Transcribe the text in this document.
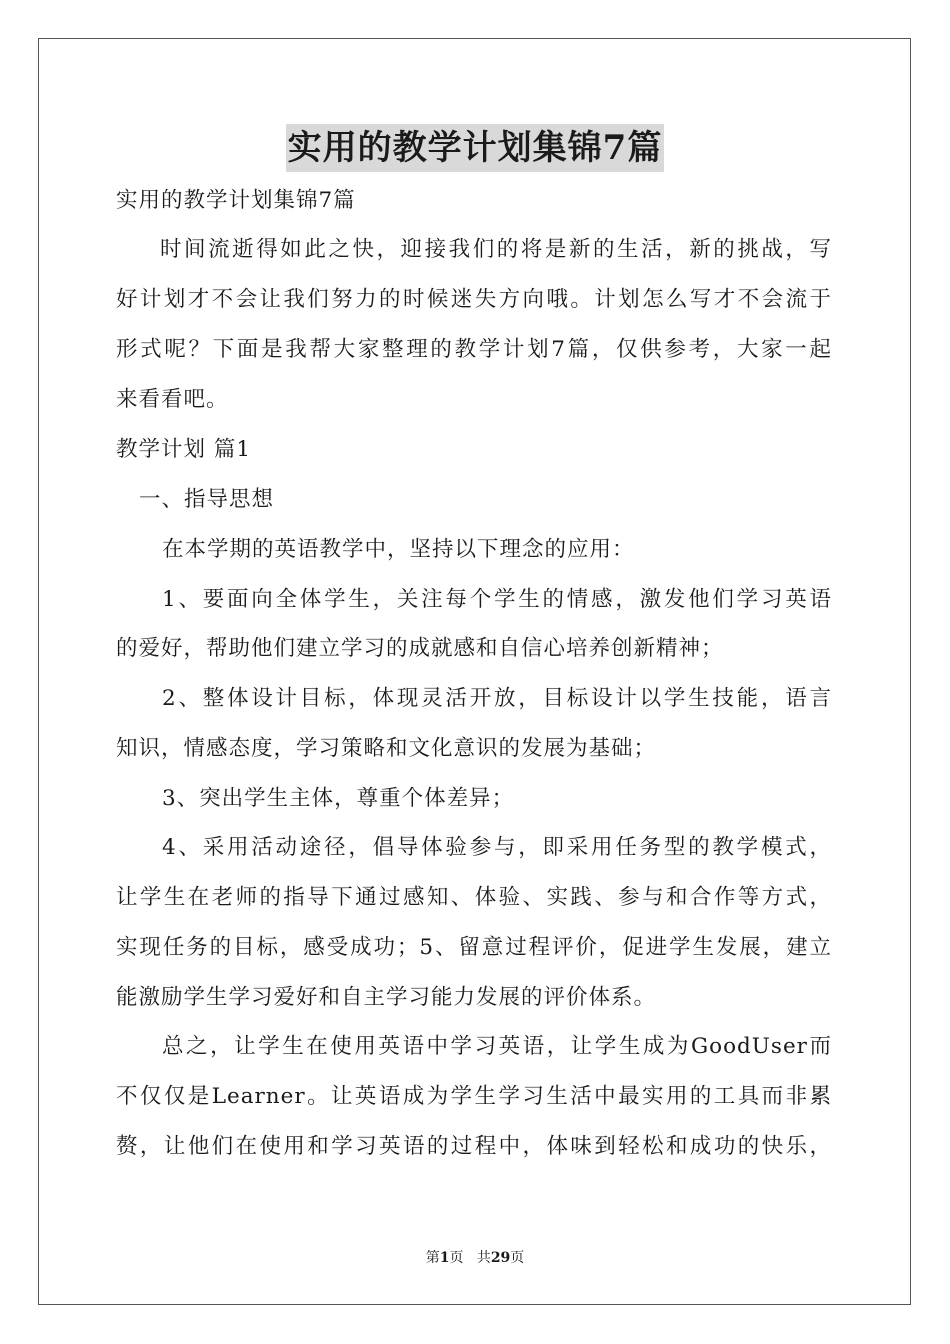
实用的教学计划集锦7篇
实用的教学计划集锦7篇
时间流逝得如此之快，迎接我们的将是新的生活，新的挑战，写
好计划才不会让我们努力的时候迷失方向哦。计划怎么写才不会流于
形式呢？下面是我帮大家整理的教学计划7篇，仅供参考，大家一起
来看看吧。
教学计划 篇1
一、指导思想
在本学期的英语教学中，坚持以下理念的应用：
1、要面向全体学生，关注每个学生的情感，激发他们学习英语
的爱好，帮助他们建立学习的成就感和自信心培养创新精神；
2、整体设计目标，体现灵活开放，目标设计以学生技能，语言
知识，情感态度，学习策略和文化意识的发展为基础；
3、突出学生主体，尊重个体差异；
4、采用活动途径，倡导体验参与，即采用任务型的教学模式，
让学生在老师的指导下通过感知、体验、实践、参与和合作等方式，
实现任务的目标，感受成功；5、留意过程评价，促进学生发展，建立
能激励学生学习爱好和自主学习能力发展的评价体系。
总之，让学生在使用英语中学习英语，让学生成为GoodUser而
不仅仅是Learner。让英语成为学生学习生活中最实用的工具而非累
赘，让他们在使用和学习英语的过程中，体味到轻松和成功的快乐，
第1页 共29页
